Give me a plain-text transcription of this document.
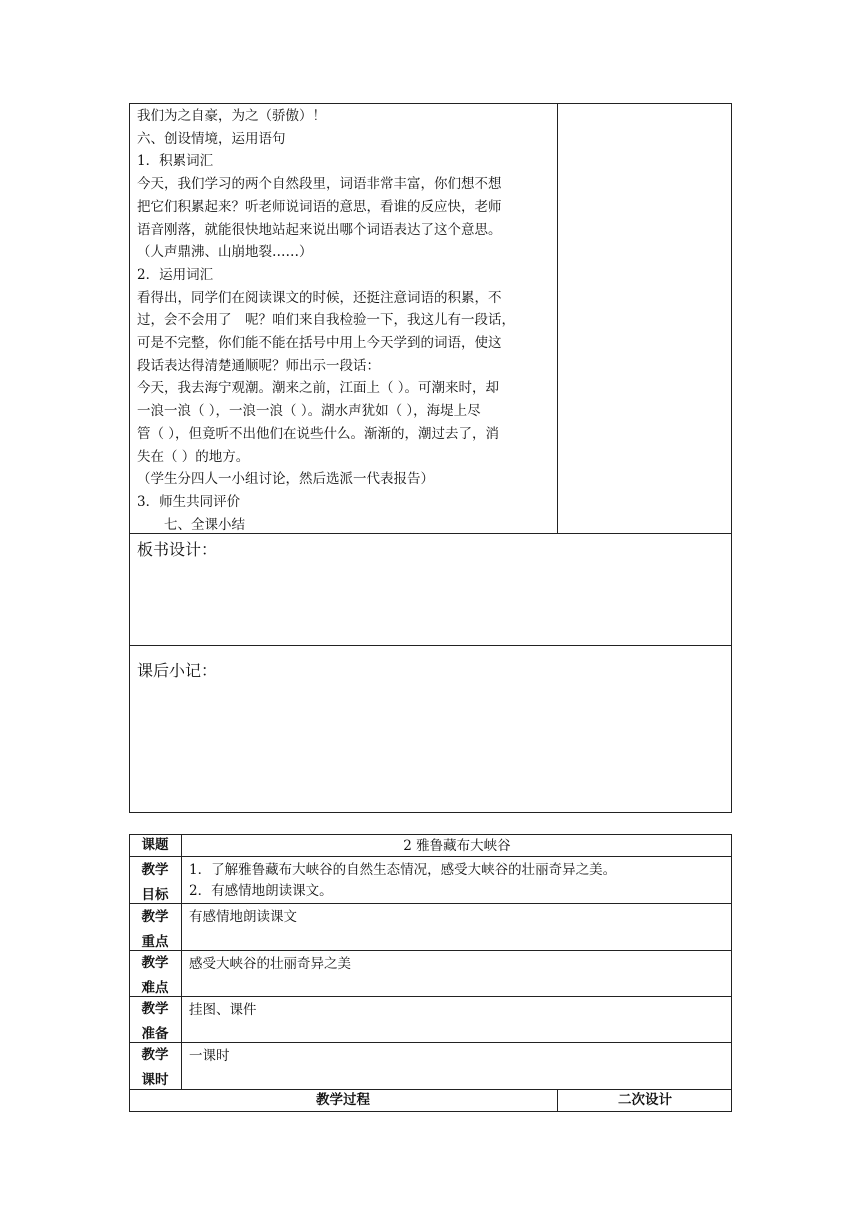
我们为之自豪，为之（骄傲）！
六、创设情境，运用语句
1．积累词汇
今天，我们学习的两个自然段里，词语非常丰富，你们想不想
把它们积累起来？听老师说词语的意思，看谁的反应快，老师
语音刚落，就能很快地站起来说出哪个词语表达了这个意思。
（人声鼎沸、山崩地裂……）
2．运用词汇
看得出，同学们在阅读课文的时候，还挺注意词语的积累，不
过，会不会用了　呢？咱们来自我检验一下，我这儿有一段话，
可是不完整，你们能不能在括号中用上今天学到的词语，使这
段话表达得清楚通顺呢？师出示一段话：
今天，我去海宁观潮。潮来之前，江面上（ ）。可潮来时，却
一浪一浪（ ），一浪一浪（ ）。湖水声犹如（ ），海堤上尽
管（ ），但竟听不出他们在说些什么。渐渐的，潮过去了，消
失在（ ）的地方。
（学生分四人一小组讨论，然后选派一代表报告）
3．师生共同评价
　　七、全课小结
板书设计：
课后小记：
课题	2 雅鲁藏布大峡谷
教学
目标
1．了解雅鲁藏布大峡谷的自然生态情况，感受大峡谷的壮丽奇异之美。
2．有感情地朗读课文。
教学
重点
有感情地朗读课文
教学
难点
感受大峡谷的壮丽奇异之美
教学
准备
挂图、课件
教学
课时
一课时
教学过程	二次设计
